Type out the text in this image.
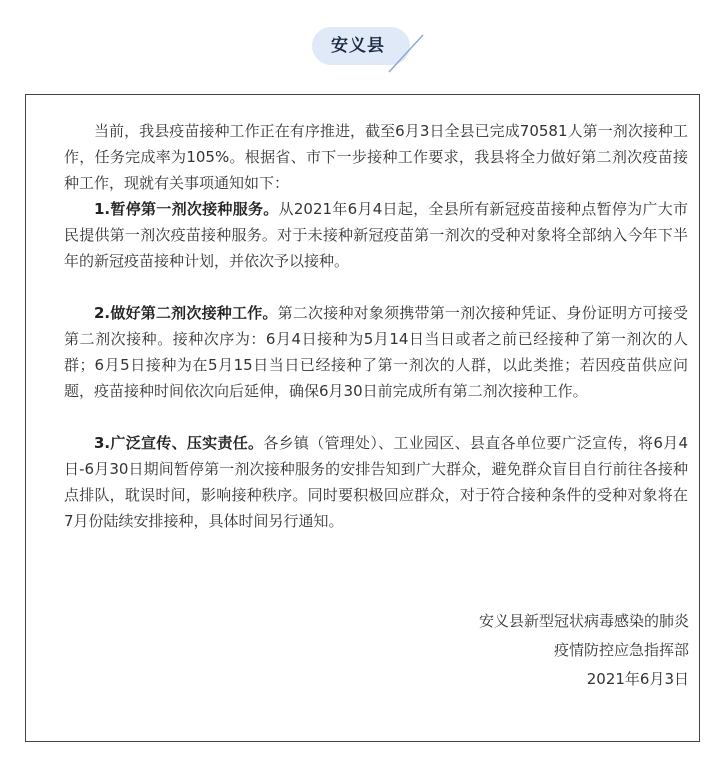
安义县

当前，我县疫苗接种工作正在有序推进，截至6月3日全县已完成70581人第一剂次接种工作，任务完成率为105%。根据省、市下一步接种工作要求，我县将全力做好第二剂次疫苗接种工作，现就有关事项通知如下：

1.暂停第一剂次接种服务。从2021年6月4日起，全县所有新冠疫苗接种点暂停为广大市民提供第一剂次疫苗接种服务。对于未接种新冠疫苗第一剂次的受种对象将全部纳入今年下半年的新冠疫苗接种计划，并依次予以接种。

2.做好第二剂次接种工作。第二次接种对象须携带第一剂次接种凭证、身份证明方可接受第二剂次接种。接种次序为：6月4日接种为5月14日当日或者之前已经接种了第一剂次的人群；6月5日接种为在5月15日当日已经接种了第一剂次的人群，以此类推；若因疫苗供应问题，疫苗接种时间依次向后延伸，确保6月30日前完成所有第二剂次接种工作。

3.广泛宣传、压实责任。各乡镇（管理处）、工业园区、县直各单位要广泛宣传，将6月4日-6月30日期间暂停第一剂次接种服务的安排告知到广大群众，避免群众盲目自行前往各接种点排队，耽误时间，影响接种秩序。同时要积极回应群众，对于符合接种条件的受种对象将在7月份陆续安排接种，具体时间另行通知。

安义县新型冠状病毒感染的肺炎
疫情防控应急指挥部
2021年6月3日
